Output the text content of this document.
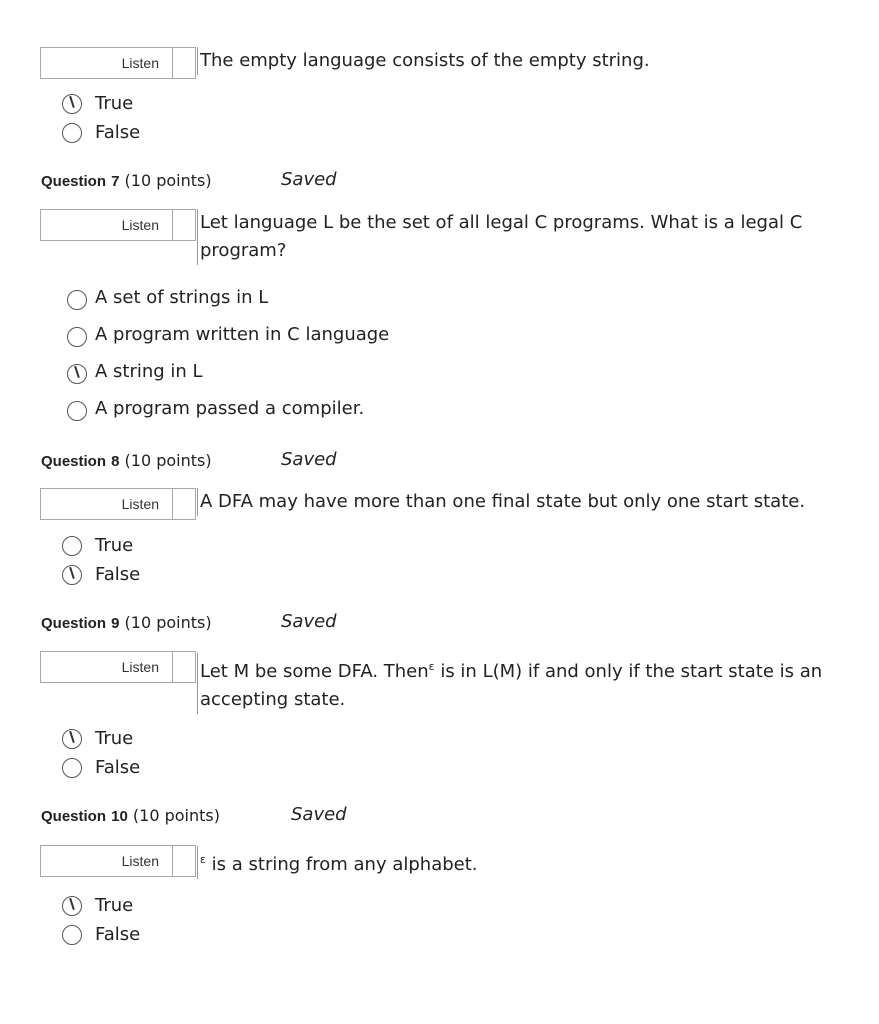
Listen The empty language consists of the empty string.
True
False
Question 7 (10 points)	Saved
Listen Let language L be the set of all legal C programs. What is a legal C
program?
A set of strings in L
A program written in C language
A string in L
A program passed a compiler.
Question 8 (10 points)	Saved
Listen A DFA may have more than one final state but only one start state.
True
False
Question 9 (10 points)	Saved
Listen Let M be some DFA. Then$^\varepsilon$ is in L(M) if and only if the start state is an
accepting state.
True
False
Question 10 (10 points)	Saved
Listen	$^\varepsilon$ is a string from any alphabet.
True
False
